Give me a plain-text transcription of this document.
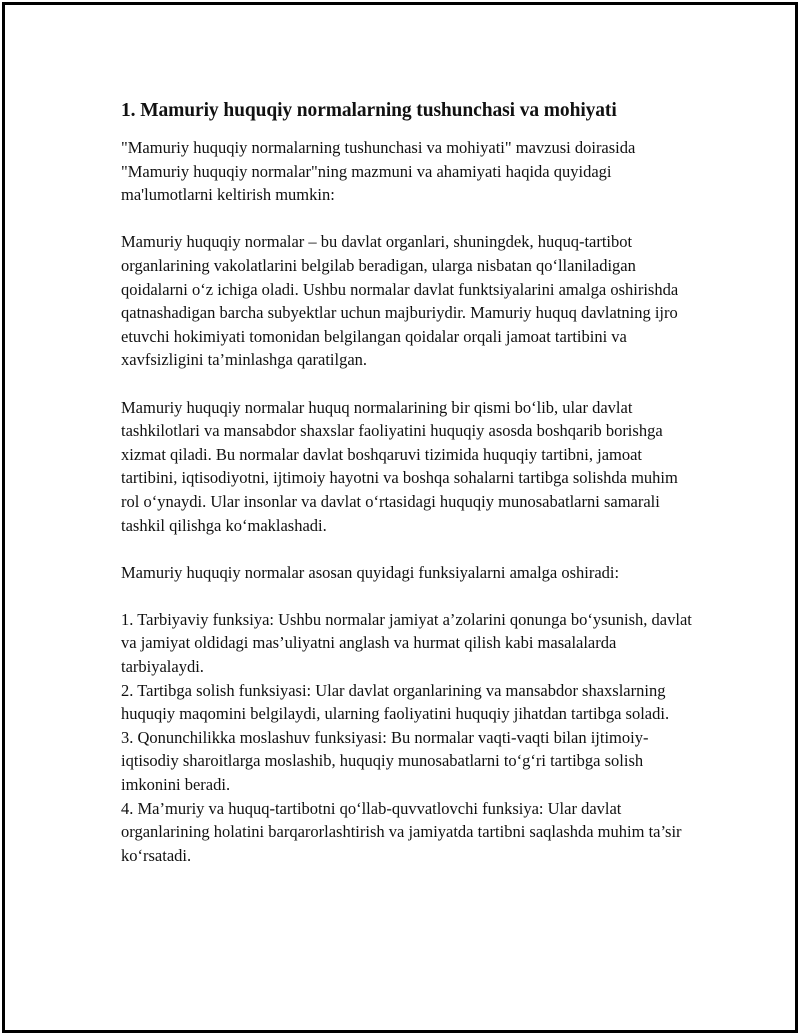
1. Mamuriy huquqiy normalarning tushunchasi va mohiyati

"Mamuriy huquqiy normalarning tushunchasi va mohiyati" mavzusi doirasida "Mamuriy huquqiy normalar"ning mazmuni va ahamiyati haqida quyidagi ma'lumotlarni keltirish mumkin:

Mamuriy huquqiy normalar – bu davlat organlari, shuningdek, huquq-tartibot organlarining vakolatlarini belgilab beradigan, ularga nisbatan qo‘llaniladigan qoidalarni o‘z ichiga oladi. Ushbu normalar davlat funktsiyalarini amalga oshirishda qatnashadigan barcha subyektlar uchun majburiydir. Mamuriy huquq davlatning ijro etuvchi hokimiyati tomonidan belgilangan qoidalar orqali jamoat tartibini va xavfsizligini ta’minlashga qaratilgan.

Mamuriy huquqiy normalar huquq normalarining bir qismi bo‘lib, ular davlat tashkilotlari va mansabdor shaxslar faoliyatini huquqiy asosda boshqarib borishga xizmat qiladi. Bu normalar davlat boshqaruvi tizimida huquqiy tartibni, jamoat tartibini, iqtisodiyotni, ijtimoiy hayotni va boshqa sohalarni tartibga solishda muhim rol o‘ynaydi. Ular insonlar va davlat o‘rtasidagi huquqiy munosabatlarni samarali tashkil qilishga ko‘maklashadi.

Mamuriy huquqiy normalar asosan quyidagi funksiyalarni amalga oshiradi:

1. Tarbiyaviy funksiya: Ushbu normalar jamiyat a’zolarini qonunga bo‘ysunish, davlat va jamiyat oldidagi mas’uliyatni anglash va hurmat qilish kabi masalalarda tarbiyalaydi.

2. Tartibga solish funksiyasi: Ular davlat organlarining va mansabdor shaxslarning huquqiy maqomini belgilaydi, ularning faoliyatini huquqiy jihatdan tartibga soladi.

3. Qonunchilikka moslashuv funksiyasi: Bu normalar vaqti-vaqti bilan ijtimoiy-iqtisodiy sharoitlarga moslashib, huquqiy munosabatlarni to‘g‘ri tartibga solish imkonini beradi.

4. Ma’muriy va huquq-tartibotni qo‘llab-quvvatlovchi funksiya: Ular davlat organlarining holatini barqarorlashtirish va jamiyatda tartibni saqlashda muhim ta’sir ko‘rsatadi.
